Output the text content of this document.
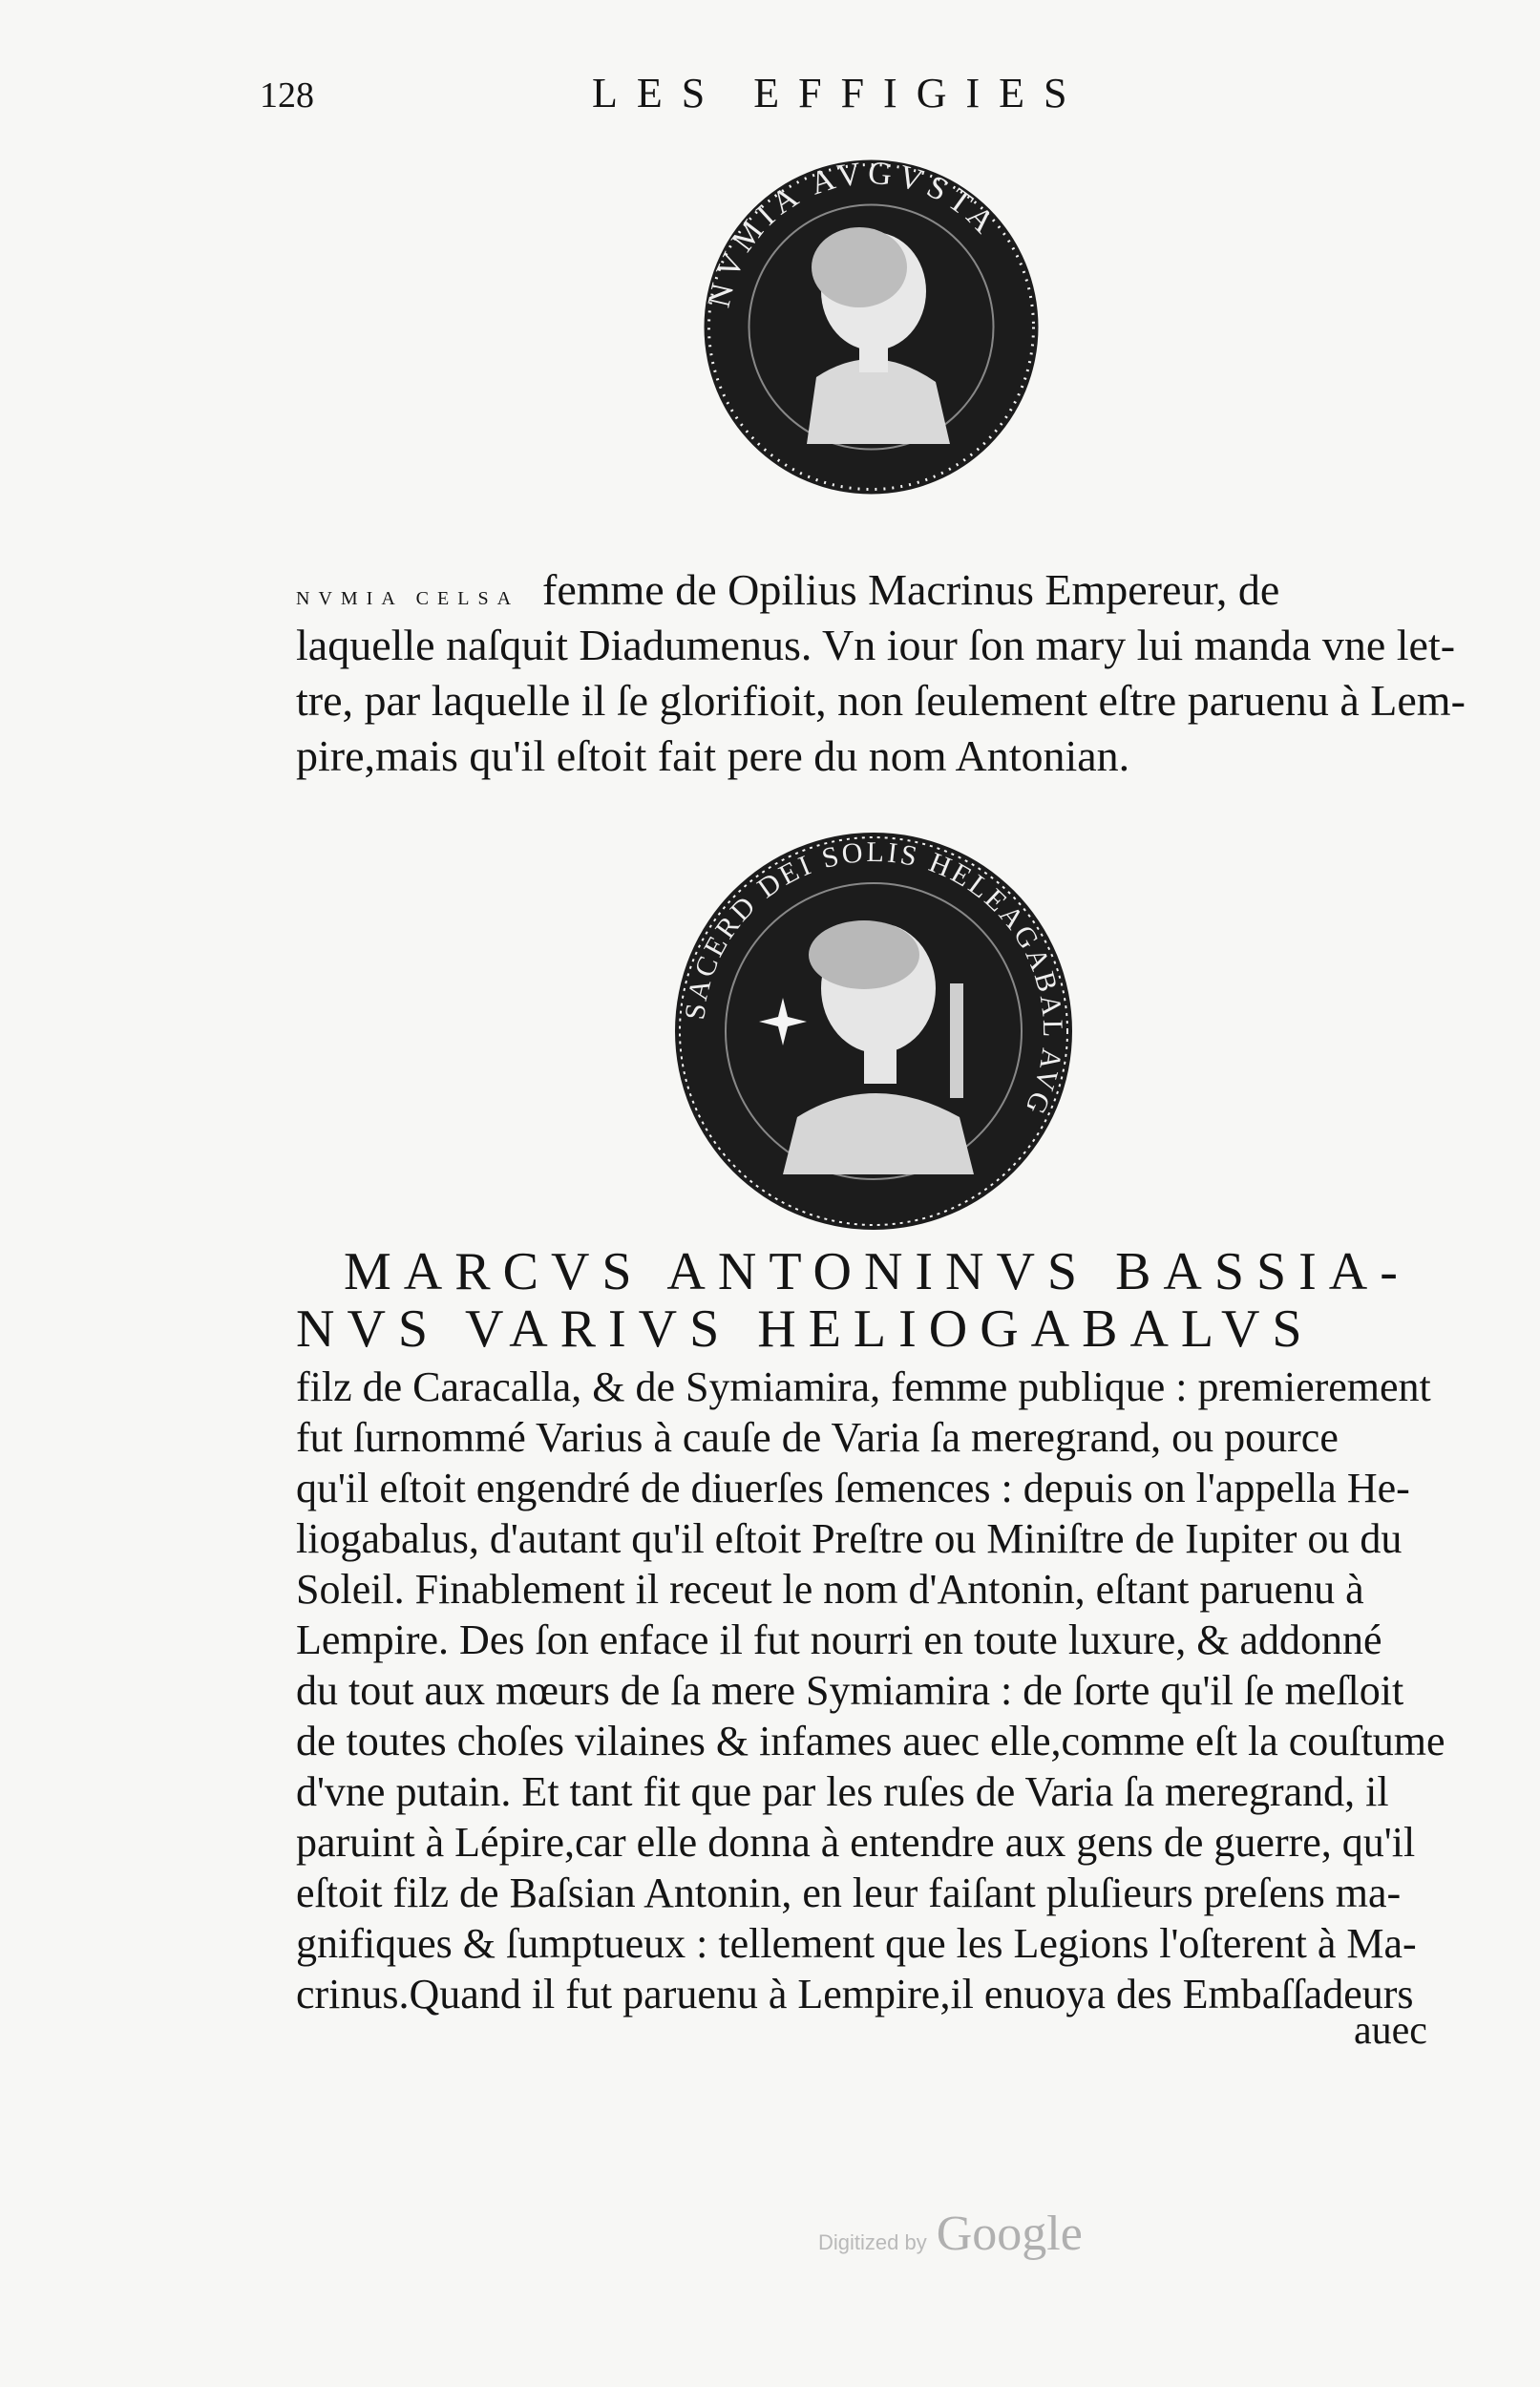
128	LES EFFIGIES
NVMIA AVGVSTA
NVMIA CELSA femme de Opilius Macrinus Empereur, de
laquelle naſquit Diadumenus. Vn iour ſon mary lui manda vne let-
tre, par laquelle il ſe glorifioit, non ſeulement eſtre paruenu à Lem-
pire,mais qu'il eſtoit fait pere du nom Antonian.
SACERD DEI SOLIS HELEAGABAL AVG
MARCVS ANTONINVS BASSIA-
NVS VARIVS HELIOGABALVS
filz de Caracalla, & de Symiamira, femme publique : premierement
fut ſurnommé Varius à cauſe de Varia ſa meregrand, ou pource
qu'il eſtoit engendré de diuerſes ſemences : depuis on l'appella He-
liogabalus, d'autant qu'il eſtoit Preſtre ou Miniſtre de Iupiter ou du
Soleil. Finablement il receut le nom d'Antonin, eſtant paruenu à
Lempire. Des ſon enface il fut nourri en toute luxure, & addonné
du tout aux mœurs de ſa mere Symiamira : de ſorte qu'il ſe meſloit
de toutes choſes vilaines & infames auec elle,comme eſt la couſtume
d'vne putain. Et tant fit que par les ruſes de Varia ſa meregrand, il
paruint à Lépire,car elle donna à entendre aux gens de guerre, qu'il
eſtoit filz de Baſsian Antonin, en leur faiſant pluſieurs preſens ma-
gnifiques & ſumptueux : tellement que les Legions l'oſterent à Ma-
crinus.Quand il fut paruenu à Lempire,il enuoya des Embaſſadeurs
auec
Digitized by Google
